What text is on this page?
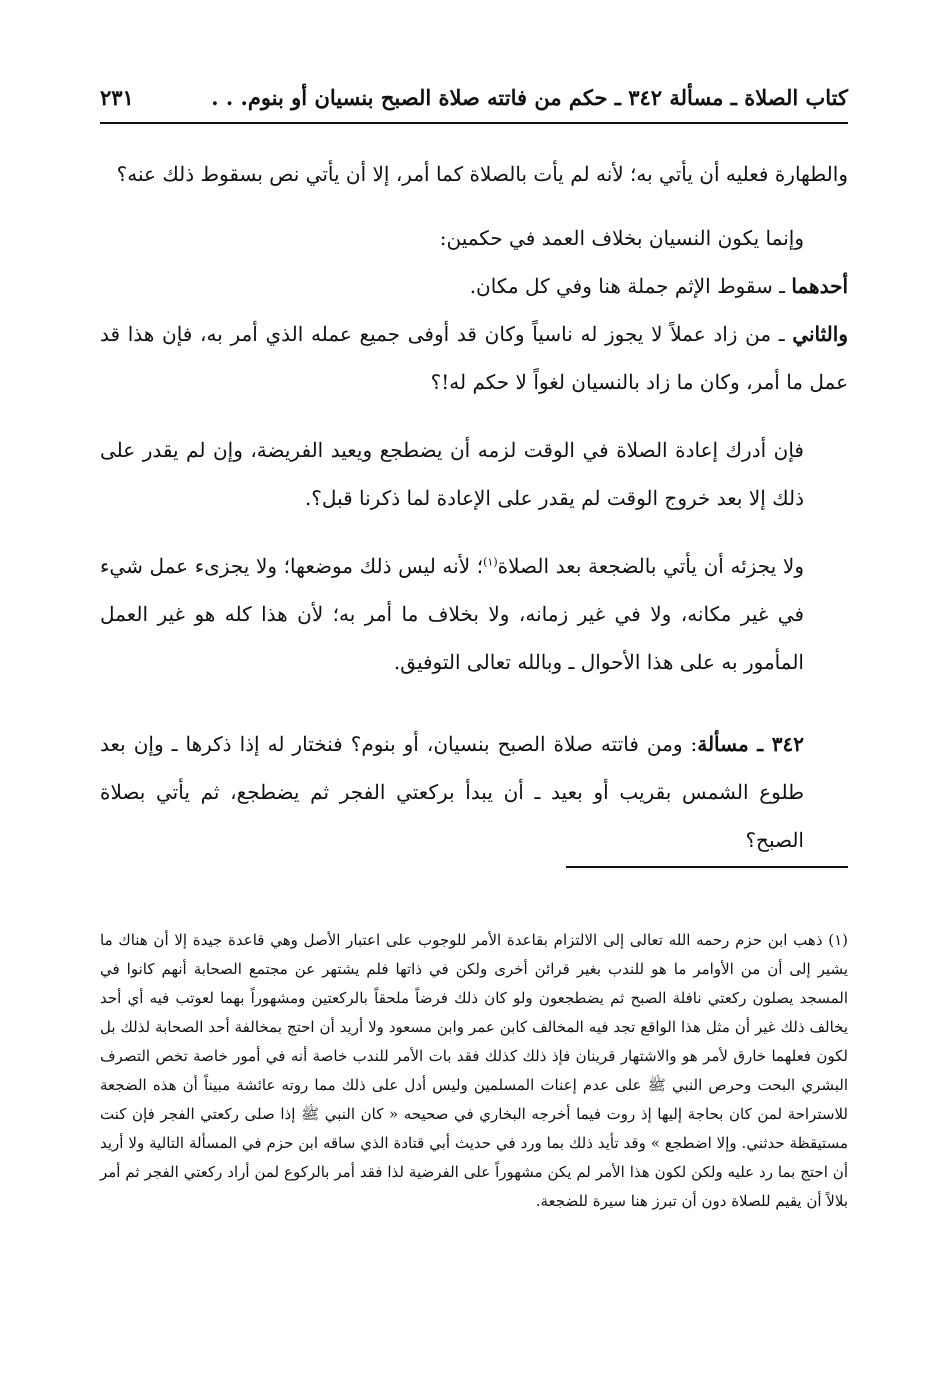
كتاب الصلاة ـ مسألة ٣٤٢ ـ حكم من فاتته صلاة الصبح بنسيان أو بنوم. . .
٢٣١

والطهارة فعليه أن يأتي به؛ لأنه لم يأت بالصلاة كما أمر، إلا أن يأتي نص بسقوط ذلك عنه؟

وإنما يكون النسيان بخلاف العمد في حكمين:

أحدهما ـ سقوط الإثم جملة هنا وفي كل مكان.

والثاني ـ من زاد عملاً لا يجوز له ناسياً وكان قد أوفى جميع عمله الذي أمر به، فإن هذا قد عمل ما أمر، وكان ما زاد بالنسيان لغواً لا حكم له!؟

فإن أدرك إعادة الصلاة في الوقت لزمه أن يضطجع ويعيد الفريضة، وإن لم يقدر على ذلك إلا بعد خروج الوقت لم يقدر على الإعادة لما ذكرنا قبل؟.

ولا يجزئه أن يأتي بالضجعة بعد الصلاة$^{(١)}$؛ لأنه ليس ذلك موضعها؛ ولا يجزىء عمل شيء في غير مكانه، ولا في غير زمانه، ولا بخلاف ما أمر به؛ لأن هذا كله هو غير العمل المأمور به على هذا الأحوال ـ وبالله تعالى التوفيق.

٣٤٢ ـ مسألة: ومن فاتته صلاة الصبح بنسيان، أو بنوم؟ فنختار له إذا ذكرها ـ وإن بعد طلوع الشمس بقريب أو بعيد ـ أن يبدأ بركعتي الفجر ثم يضطجع، ثم يأتي بصلاة الصبح؟

(١) ذهب ابن حزم رحمه الله تعالى إلى الالتزام بقاعدة الأمر للوجوب على اعتبار الأصل وهي قاعدة جيدة إلا أن هناك ما يشير إلى أن من الأوامر ما هو للندب بغير قرائن أخرى ولكن في ذاتها فلم يشتهر عن مجتمع الصحابة أنهم كانوا في المسجد يصلون ركعتي نافلة الصبح ثم يضطجعون ولو كان ذلك فرضاً ملحقاً بالركعتين ومشهوراً بهما لعوتب فيه أي أحد يخالف ذلك غير أن مثل هذا الواقع تجد فيه المخالف كابن عمر وابن مسعود ولا أريد أن احتج بمخالفة أحد الصحابة لذلك بل لكون فعلهما خارق لأمر هو والاشتهار قرينان فإذ ذلك كذلك فقد بات الأمر للندب خاصة أنه في أمور خاصة تخص التصرف البشري البحت وحرص النبي ﷺ على عدم إعنات المسلمين وليس أدل على ذلك مما روته عائشة مبيناً أن هذه الضجعة للاستراحة لمن كان بحاجة إليها إذ روت فيما أخرجه البخاري في صحيحه « كان النبي ﷺ إذا صلى ركعتي الفجر فإن كنت مستيقظة حدثني. وإلا اضطجع » وقد تأيد ذلك بما ورد في حديث أبي قتادة الذي ساقه ابن حزم في المسألة التالية ولا أريد أن احتج بما رد عليه ولكن لكون هذا الأمر لم يكن مشهوراً على الفرضية لذا فقد أمر بالركوع لمن أراد ركعتي الفجر ثم أمر بلالاً أن يقيم للصلاة دون أن تبرز هنا سيرة للضجعة.
